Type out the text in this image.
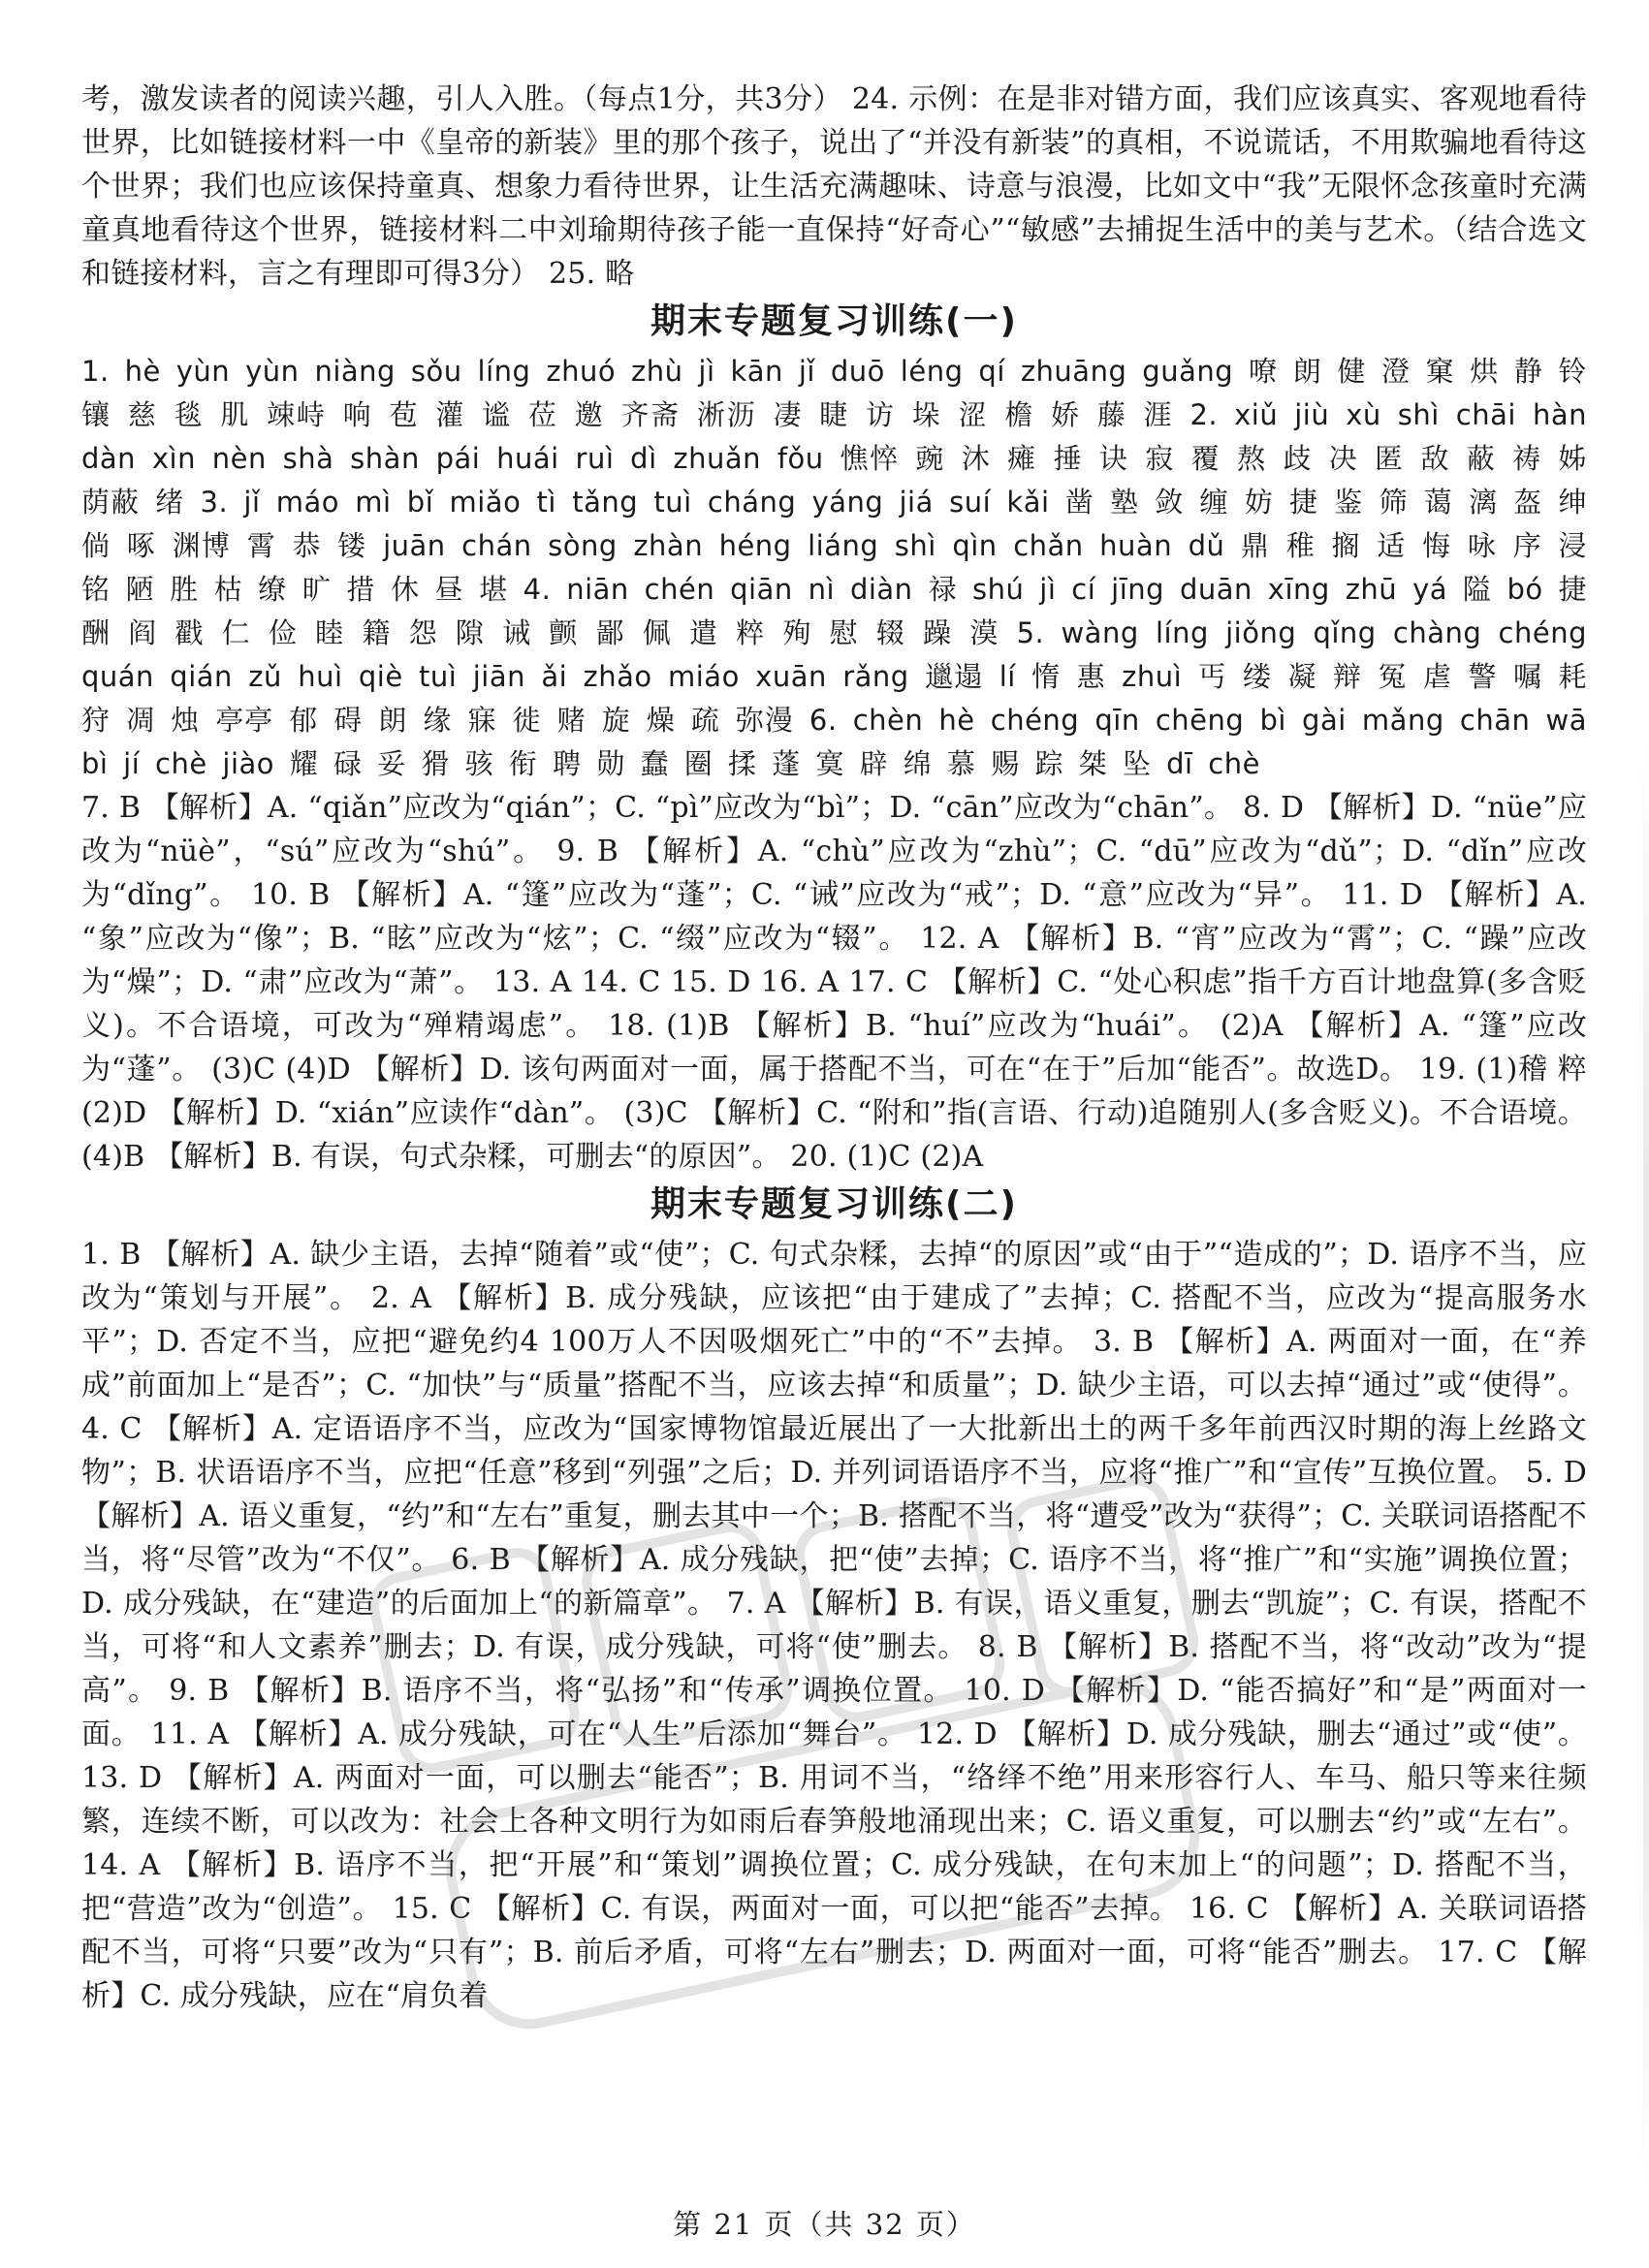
考，激发读者的阅读兴趣，引人入胜。（每点1分，共3分） 24. 示例：在是非对错方面，我们应该真实、客观地看待世界，比如链接材料一中《皇帝的新装》里的那个孩子，说出了“并没有新装”的真相，不说谎话，不用欺骗地看待这个世界；我们也应该保持童真、想象力看待世界，让生活充满趣味、诗意与浪漫，比如文中“我”无限怀念孩童时充满童真地看待这个世界，链接材料二中刘瑜期待孩子能一直保持“好奇心”“敏感”去捕捉生活中的美与艺术。（结合选文和链接材料，言之有理即可得3分） 25. 略

期末专题复习训练(一)

1. hè yùn yùn niàng sǒu líng zhuó zhù jì kān jǐ duō léng qí zhuāng guǎng 嘹 朗 健 澄 窠 烘 静 铃 镶 慈 毯 肌 竦峙 响 苞 灌 谧 莅 邀 齐斋 淅沥 凄 睫 访 垛 涩 檐 娇 藤 涯 2. xiǔ jiù xù shì chāi hàn dàn xìn nèn shà shàn pái huái ruì dì zhuǎn fǒu 憔悴 豌 沐 瘫 捶 诀 寂 覆 熬 歧 决 匿 敌 蔽 祷 姊 荫蔽 绪 3. jǐ máo mì bǐ miǎo tì tǎng tuì cháng yáng jiá suí kǎi 凿 塾 敛 缠 妨 捷 鉴 筛 蔼 漓 盔 绅 倘 啄 渊博 霄 恭 镂 juān chán sòng zhàn héng liáng shì qìn chǎn huàn dǔ 鼎 稚 搁 适 悔 咏 序 浸 铭 陋 胜 枯 缭 旷 措 休 昼 堪 4. niān chén qiān nì diàn 禄 shú jì cí jīng duān xīng zhū yá 隘 bó 捷 酬 阎 戳 仁 俭 睦 籍 怨 隙 诫 颤 鄙 佩 遣 粹 殉 慰 辍 躁 漠 5. wàng líng jiǒng qǐng chàng chéng quán qián zǔ huì qiè tuì jiān ǎi zhǎo miáo xuān rǎng 邋遢 lí 惰 惠 zhuì 丐 缕 凝 辩 冤 虐 警 嘱 耗 狩 凋 烛 亭亭 郁 碍 朗 缘 寐 徙 赌 旋 燥 疏 弥漫 6. chèn hè chéng qīn chēng bì gài mǎng chān wā bì jí chè jiào 耀 碌 妥 猾 骇 衔 聘 勋 蠢 圈 揉 蓬 寞 辟 绵 慕 赐 踪 桀 坠 dī chè

7. B 【解析】A. “qiǎn”应改为“qián”；C. “pì”应改为“bì”；D. “cān”应改为“chān”。 8. D 【解析】D. “nüe”应改为“nüè”，“sú”应改为“shú”。 9. B 【解析】A. “chù”应改为“zhù”；C. “dū”应改为“dǔ”；D. “dǐn”应改为“dǐng”。 10. B 【解析】A. “篷”应改为“蓬”；C. “诫”应改为“戒”；D. “意”应改为“异”。 11. D 【解析】A. “象”应改为“像”；B. “眩”应改为“炫”；C. “缀”应改为“辍”。 12. A 【解析】B. “宵”应改为“霄”；C. “躁”应改为“燥”；D. “肃”应改为“萧”。 13. A 14. C 15. D 16. A 17. C 【解析】C. “处心积虑”指千方百计地盘算(多含贬义)。不合语境，可改为“殚精竭虑”。 18. (1)B 【解析】B. “huí”应改为“huái”。 (2)A 【解析】A. “篷”应改为“蓬”。 (3)C (4)D 【解析】D. 该句两面对一面，属于搭配不当，可在“在于”后加“能否”。故选D。 19. (1)稽 粹 (2)D 【解析】D. “xián”应读作“dàn”。 (3)C 【解析】C. “附和”指(言语、行动)追随别人(多含贬义)。不合语境。 (4)B 【解析】B. 有误，句式杂糅，可删去“的原因”。 20. (1)C (2)A

期末专题复习训练(二)

1. B 【解析】A. 缺少主语，去掉“随着”或“使”；C. 句式杂糅，去掉“的原因”或“由于”“造成的”；D. 语序不当，应改为“策划与开展”。 2. A 【解析】B. 成分残缺，应该把“由于建成了”去掉；C. 搭配不当，应改为“提高服务水平”；D. 否定不当，应把“避免约4 100万人不因吸烟死亡”中的“不”去掉。 3. B 【解析】A. 两面对一面，在“养成”前面加上“是否”；C. “加快”与“质量”搭配不当，应该去掉“和质量”；D. 缺少主语，可以去掉“通过”或“使得”。 4. C 【解析】A. 定语语序不当，应改为“国家博物馆最近展出了一大批新出土的两千多年前西汉时期的海上丝路文物”；B. 状语语序不当，应把“任意”移到“列强”之后；D. 并列词语语序不当，应将“推广”和“宣传”互换位置。 5. D 【解析】A. 语义重复，“约”和“左右”重复，删去其中一个；B. 搭配不当，将“遭受”改为“获得”；C. 关联词语搭配不当，将“尽管”改为“不仅”。 6. B 【解析】A. 成分残缺，把“使”去掉；C. 语序不当，将“推广”和“实施”调换位置；D. 成分残缺，在“建造”的后面加上“的新篇章”。 7. A 【解析】B. 有误，语义重复，删去“凯旋”；C. 有误，搭配不当，可将“和人文素养”删去；D. 有误，成分残缺，可将“使”删去。 8. B 【解析】B. 搭配不当，将“改动”改为“提高”。 9. B 【解析】B. 语序不当，将“弘扬”和“传承”调换位置。 10. D 【解析】D. “能否搞好”和“是”两面对一面。 11. A 【解析】A. 成分残缺，可在“人生”后添加“舞台”。 12. D 【解析】D. 成分残缺，删去“通过”或“使”。 13. D 【解析】A. 两面对一面，可以删去“能否”；B. 用词不当，“络绎不绝”用来形容行人、车马、船只等来往频繁，连续不断，可以改为：社会上各种文明行为如雨后春笋般地涌现出来；C. 语义重复，可以删去“约”或“左右”。 14. A 【解析】B. 语序不当，把“开展”和“策划”调换位置；C. 成分残缺，在句末加上“的问题”；D. 搭配不当，把“营造”改为“创造”。 15. C 【解析】C. 有误，两面对一面，可以把“能否”去掉。 16. C 【解析】A. 关联词语搭配不当，可将“只要”改为“只有”；B. 前后矛盾，可将“左右”删去；D. 两面对一面，可将“能否”删去。 17. C 【解析】C. 成分残缺，应在“肩负着

第 21 页（共 32 页）
